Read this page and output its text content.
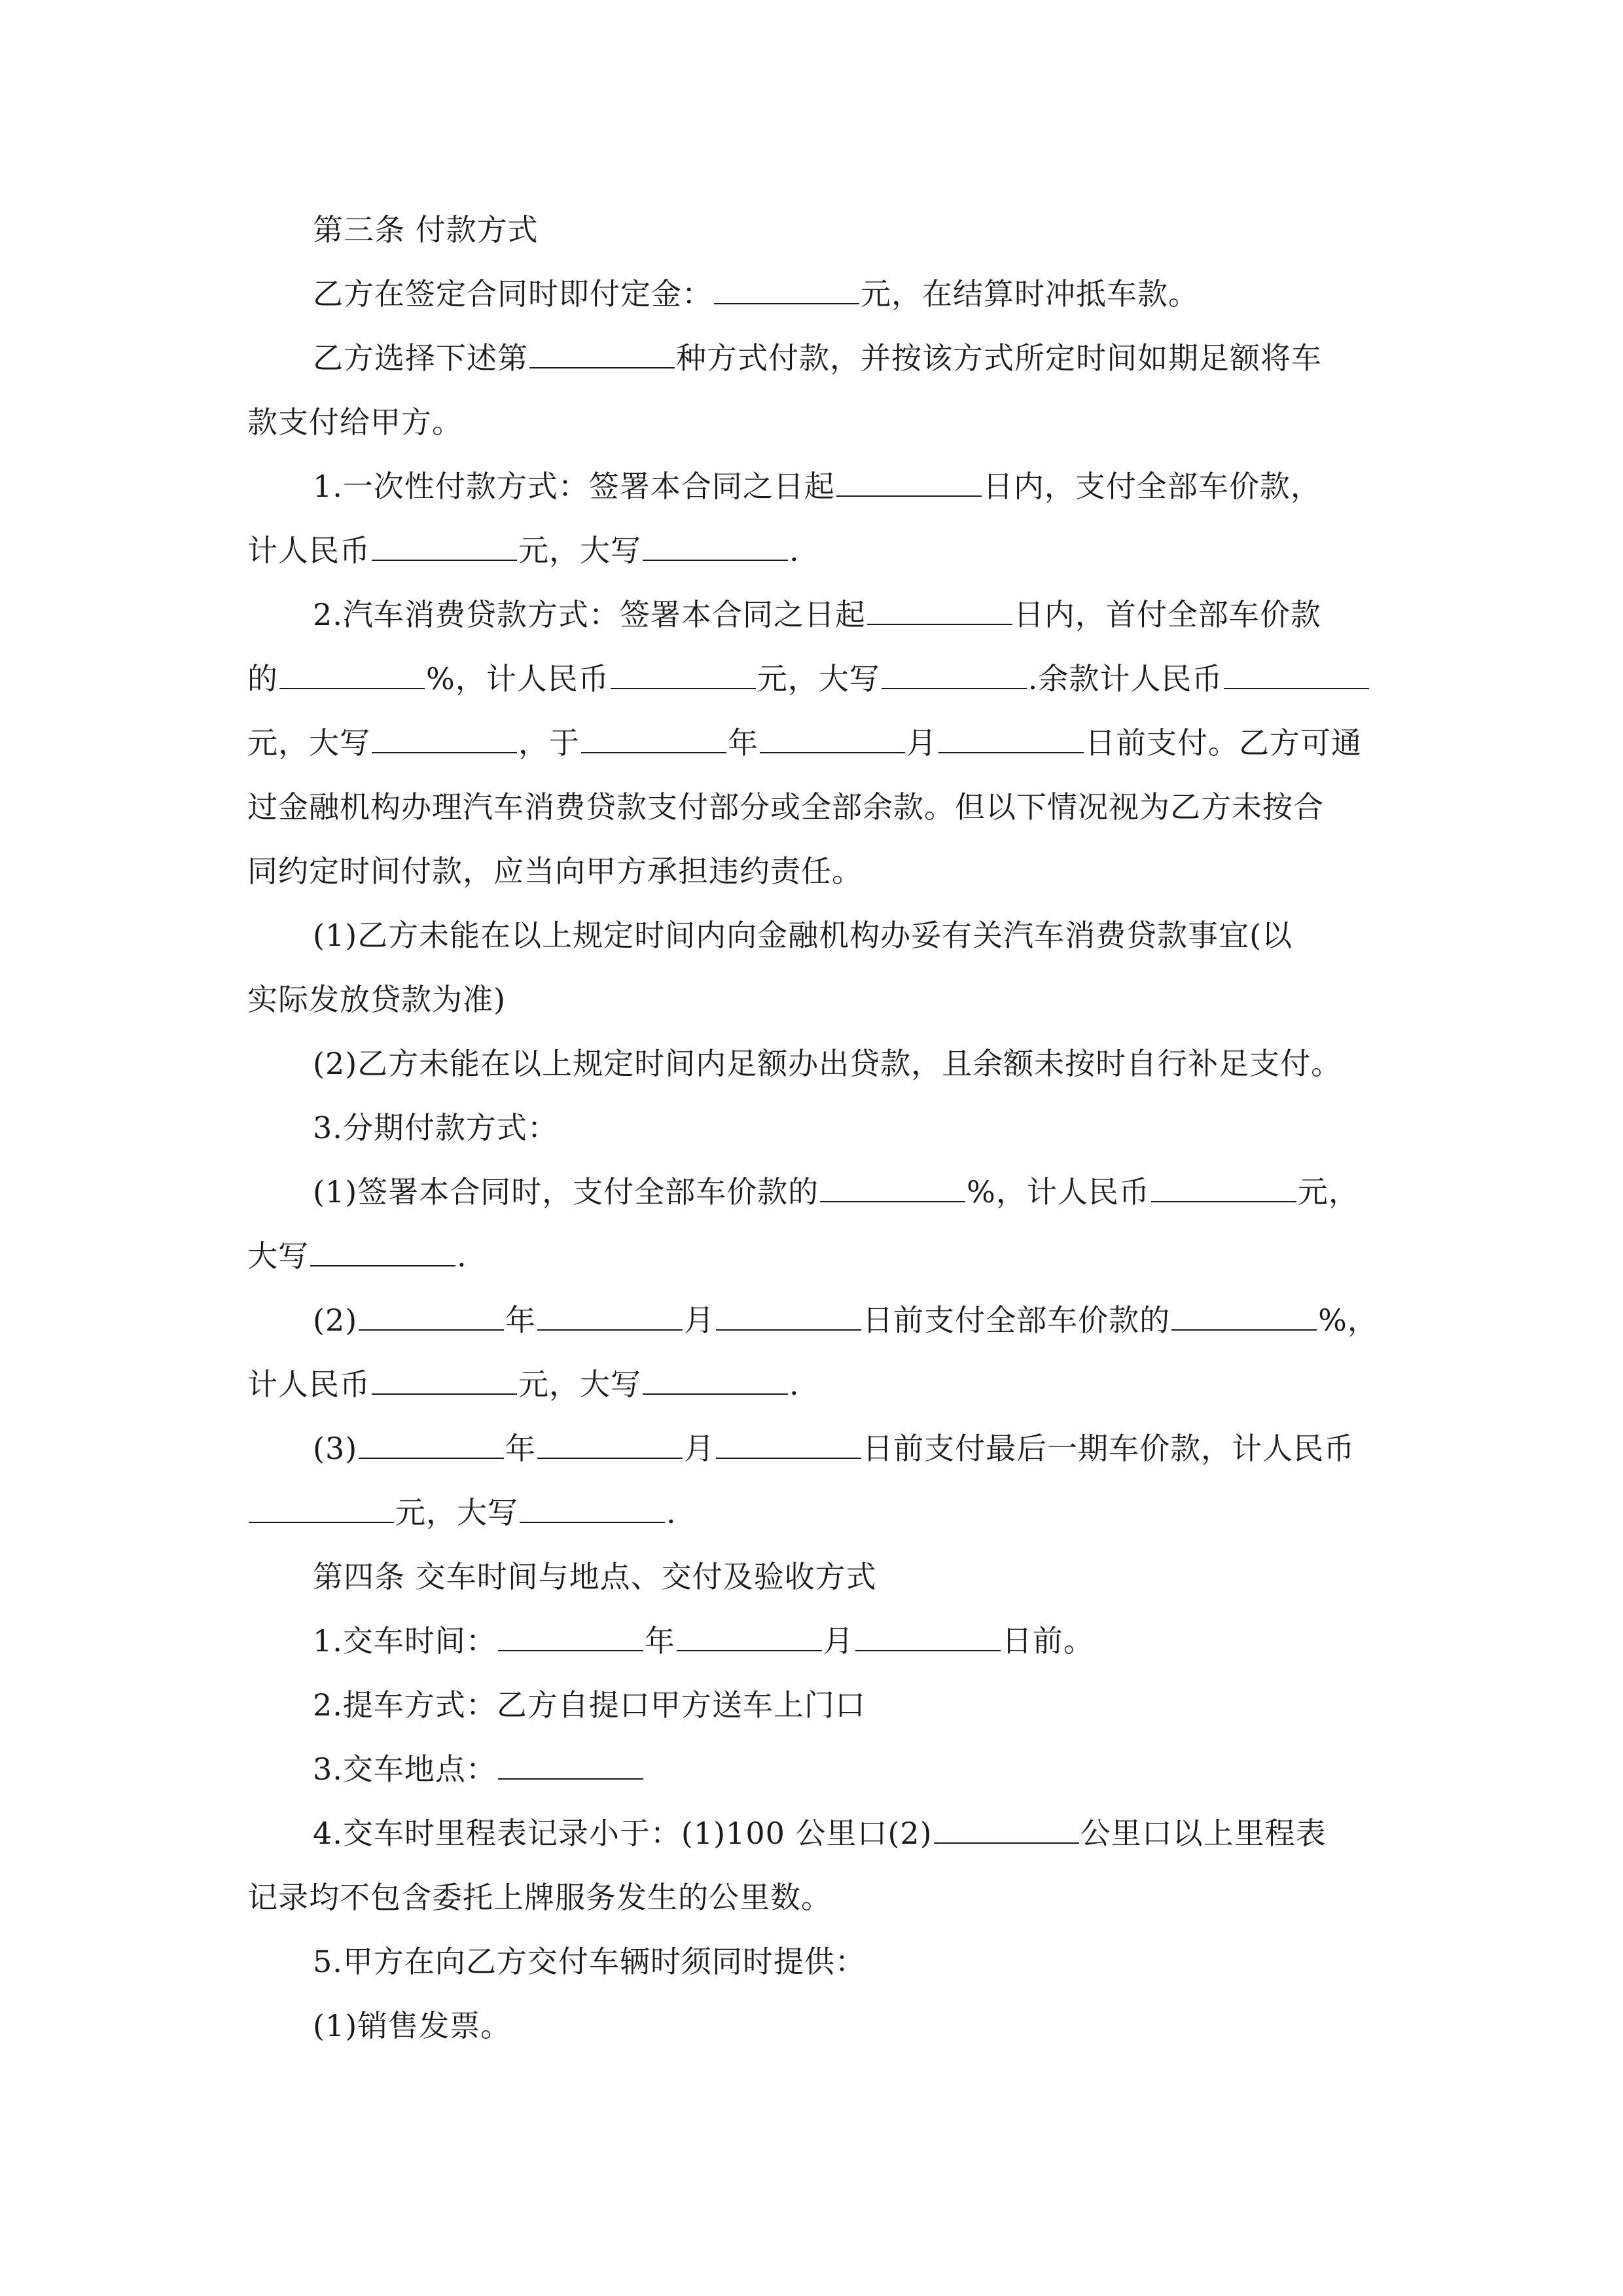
第三条 付款方式
乙方在签定合同时即付定金：	元，在结算时冲抵车款。
乙方选择下述第	种方式付款，并按该方式所定时间如期足额将车
款支付给甲方。
1.一次性付款方式：签署本合同之日起	日内，支付全部车价款，
计人民币	元，大写	.
2.汽车消费贷款方式：签署本合同之日起	日内，首付全部车价款
的	%，计人民币	元，大写	.余款计人民币
元，大写	，于	年	月	日前支付。乙方可通
过金融机构办理汽车消费贷款支付部分或全部余款。但以下情况视为乙方未按合
同约定时间付款，应当向甲方承担违约责任。
(1)乙方未能在以上规定时间内向金融机构办妥有关汽车消费贷款事宜(以
实际发放贷款为准)
(2)乙方未能在以上规定时间内足额办出贷款，且余额未按时自行补足支付。
3.分期付款方式：
(1)签署本合同时，支付全部车价款的	%，计人民币	元，
大写	.
(2)	年	月	日前支付全部车价款的	%，
计人民币	元，大写	.
(3)	年	月	日前支付最后一期车价款，计人民币
元，大写	.
第四条 交车时间与地点、交付及验收方式
1.交车时间：	年	月	日前。
2.提车方式：乙方自提口甲方送车上门口
3.交车地点：
4.交车时里程表记录小于：(1)100 公里口(2)	公里口以上里程表
记录均不包含委托上牌服务发生的公里数。
5.甲方在向乙方交付车辆时须同时提供：
(1)销售发票。
